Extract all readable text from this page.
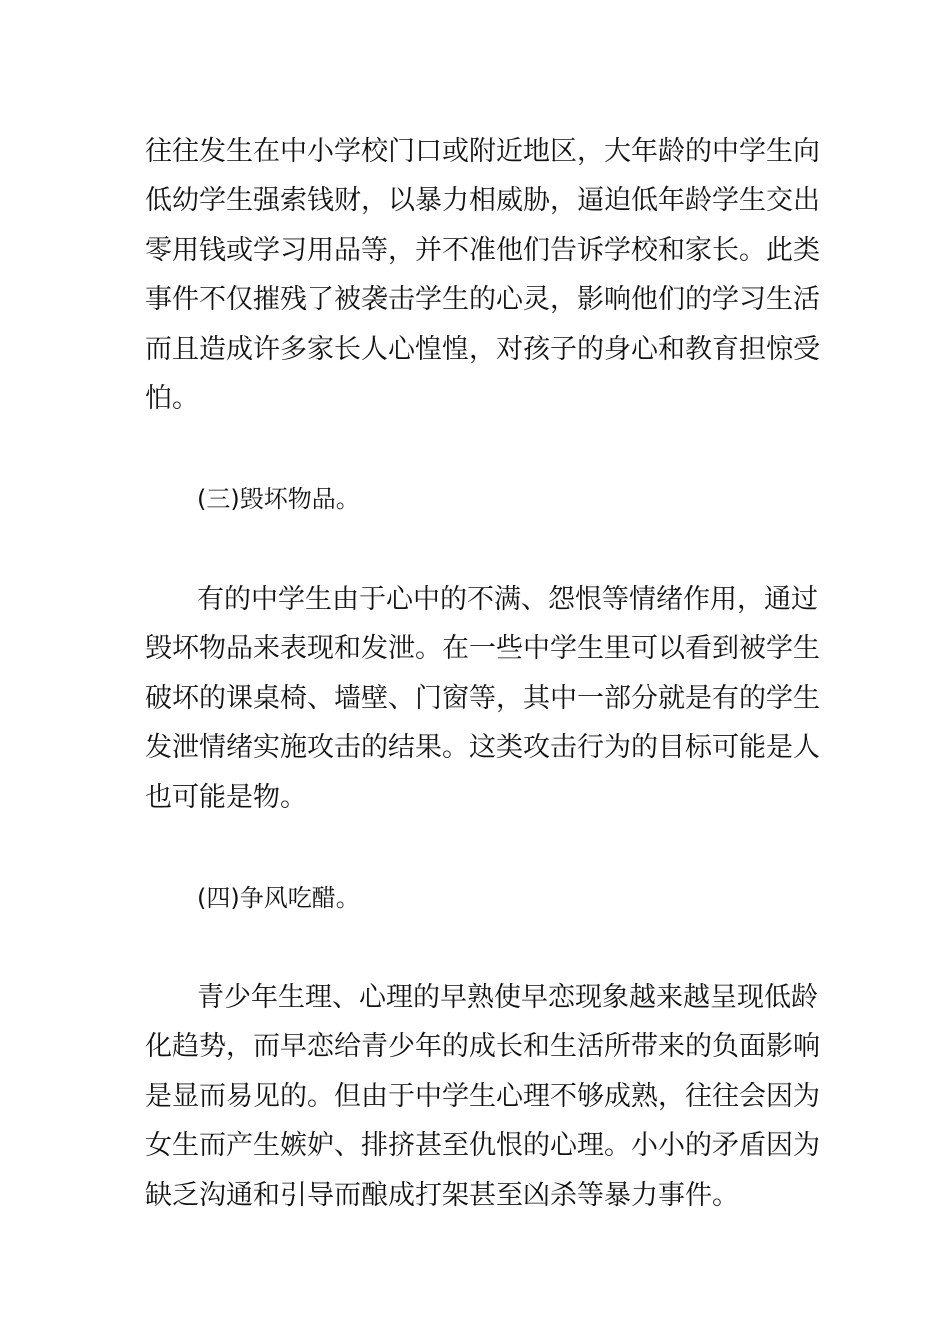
往往发生在中小学校门口或附近地区，大年龄的中学生向
低幼学生强索钱财，以暴力相威胁，逼迫低年龄学生交出
零用钱或学习用品等，并不准他们告诉学校和家长。此类
事件不仅摧残了被袭击学生的心灵，影响他们的学习生活
而且造成许多家长人心惶惶，对孩子的身心和教育担惊受
怕。
(三)毁坏物品。
有的中学生由于心中的不满、怨恨等情绪作用，通过
毁坏物品来表现和发泄。在一些中学生里可以看到被学生
破坏的课桌椅、墙壁、门窗等，其中一部分就是有的学生
发泄情绪实施攻击的结果。这类攻击行为的目标可能是人
也可能是物。
(四)争风吃醋。
青少年生理、心理的早熟使早恋现象越来越呈现低龄
化趋势，而早恋给青少年的成长和生活所带来的负面影响
是显而易见的。但由于中学生心理不够成熟，往往会因为
女生而产生嫉妒、排挤甚至仇恨的心理。小小的矛盾因为
缺乏沟通和引导而酿成打架甚至凶杀等暴力事件。
